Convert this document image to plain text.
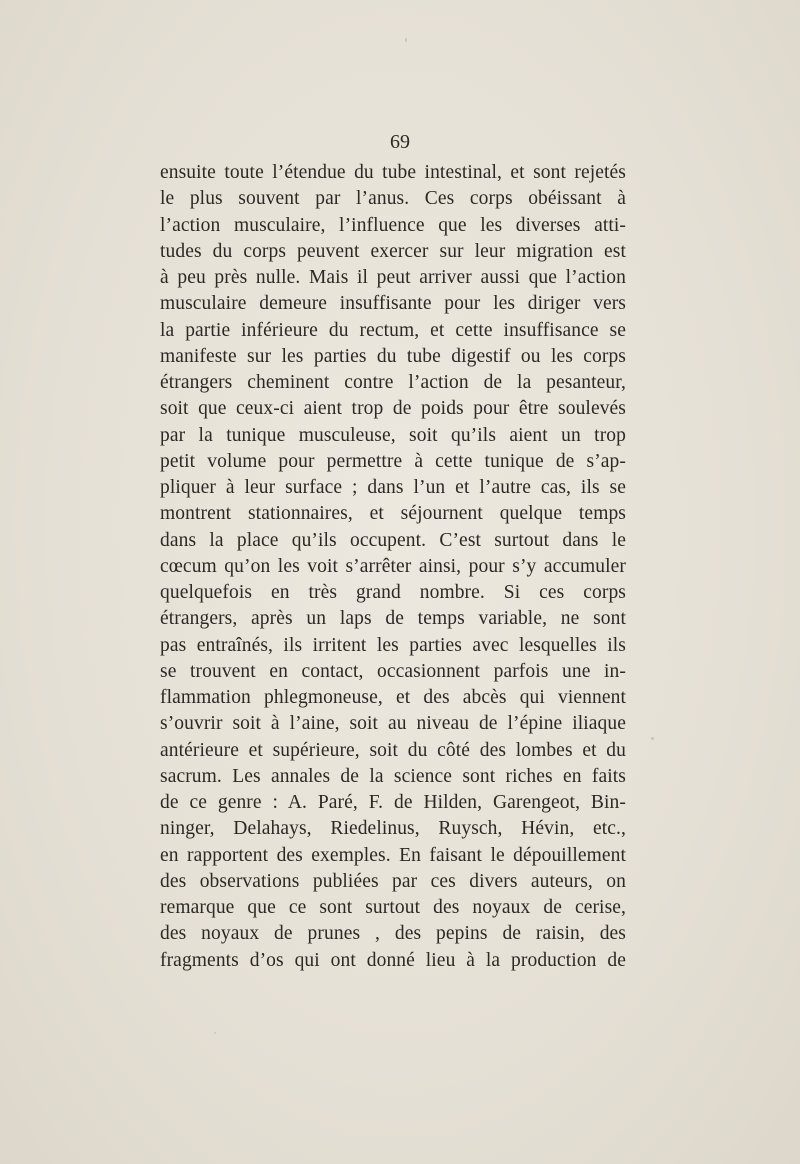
69
ensuite toute l’étendue du tube intestinal, et sont rejetés
le plus souvent par l’anus. Ces corps obéissant à
l’action musculaire, l’influence que les diverses atti-
tudes du corps peuvent exercer sur leur migration est
à peu près nulle. Mais il peut arriver aussi que l’action
musculaire demeure insuffisante pour les diriger vers
la partie inférieure du rectum, et cette insuffisance se
manifeste sur les parties du tube digestif ou les corps
étrangers cheminent contre l’action de la pesanteur,
soit que ceux-ci aient trop de poids pour être soulevés
par la tunique musculeuse, soit qu’ils aient un trop
petit volume pour permettre à cette tunique de s’ap-
pliquer à leur surface ; dans l’un et l’autre cas, ils se
montrent stationnaires, et séjournent quelque temps
dans la place qu’ils occupent. C’est surtout dans le
cœcum qu’on les voit s’arrêter ainsi, pour s’y accumuler
quelquefois en très grand nombre. Si ces corps
étrangers, après un laps de temps variable, ne sont
pas entraînés, ils irritent les parties avec lesquelles ils
se trouvent en contact, occasionnent parfois une in-
flammation phlegmoneuse, et des abcès qui viennent
s’ouvrir soit à l’aine, soit au niveau de l’épine iliaque
antérieure et supérieure, soit du côté des lombes et du
sacrum. Les annales de la science sont riches en faits
de ce genre : A. Paré, F. de Hilden, Garengeot, Bin-
ninger, Delahays, Riedelinus, Ruysch, Hévin, etc.,
en rapportent des exemples. En faisant le dépouillement
des observations publiées par ces divers auteurs, on
remarque que ce sont surtout des noyaux de cerise,
des noyaux de prunes , des pepins de raisin, des
fragments d’os qui ont donné lieu à la production de
